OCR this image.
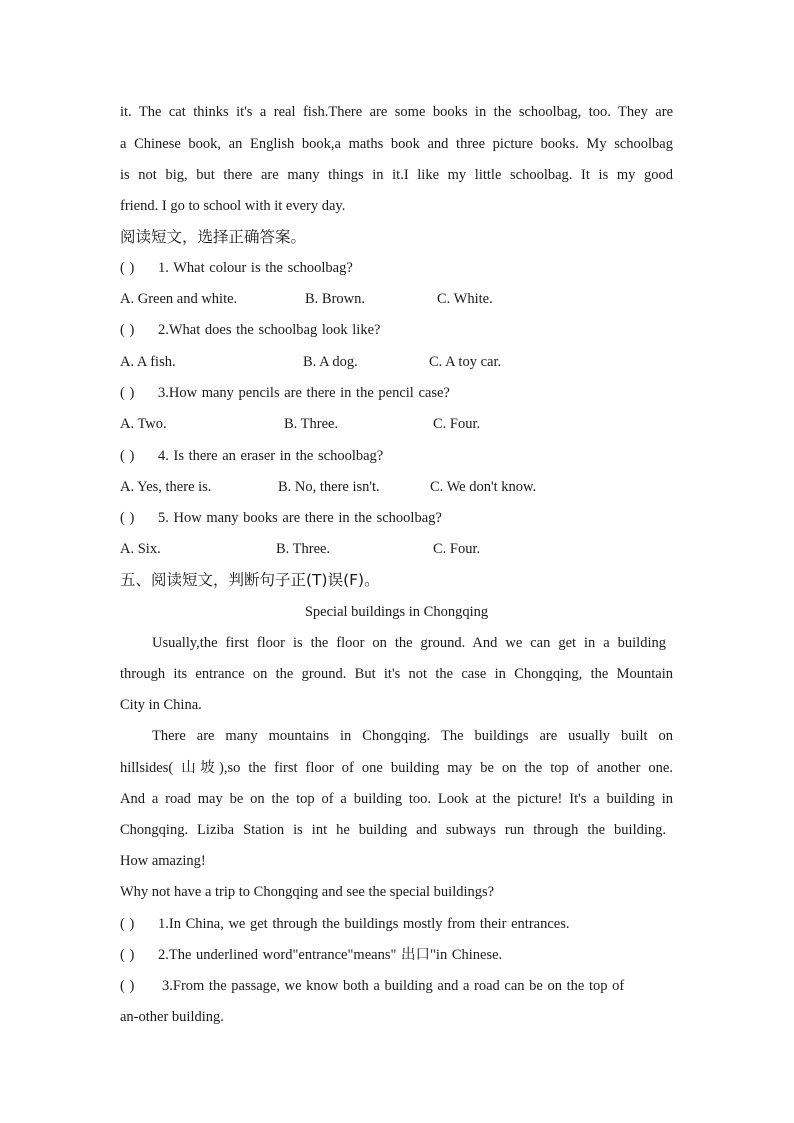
it. The cat thinks it's a real fish.There are some books in the schoolbag, too. They are
a Chinese book, an English book,a maths book and three picture books. My schoolbag
is not big, but there are many things in it.I like my little schoolbag. It is my good
friend. I go to school with it every day.
阅读短文，选择正确答案。
( ) 1. What colour is the schoolbag?
A. Green and white.	B. Brown.	C. White.
( ) 2.What does the schoolbag look like?
A. A fish.	B. A dog.	C. A toy car.
( ) 3.How many pencils are there in the pencil case?
A. Two.	B. Three.	C. Four.
( ) 4. Is there an eraser in the schoolbag?
A. Yes, there is.	B. No, there isn't.	C. We don't know.
( ) 5. How many books are there in the schoolbag?
A. Six.	B. Three.	C. Four.
五、阅读短文，判断句子正(T)误(F)。
Special buildings in Chongqing
Usually,the first floor is the floor on the ground. And we can get in a building
through its entrance on the ground. But it's not the case in Chongqing, the Mountain
City in China.
There are many mountains in Chongqing. The buildings are usually built on
hillsides( 山坡),so the first floor of one building may be on the top of another one.
And a road may be on the top of a building too. Look at the picture! It's a building in
Chongqing. Liziba Station is int he building and subways run through the building.
How amazing!
Why not have a trip to Chongqing and see the special buildings?
( ) 1.In China, we get through the buildings mostly from their entrances.
( ) 2.The underlined word"entrance"means" 出口"in Chinese.
( ) 3.From the passage, we know both a building and a road can be on the top of
an-other building.
